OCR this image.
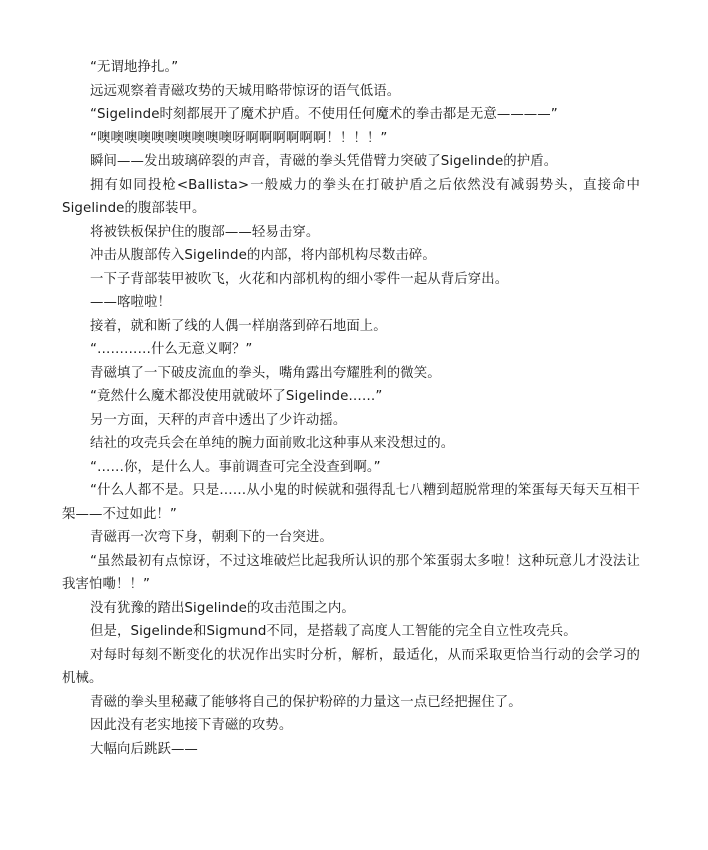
“无谓地挣扎。”

远远观察着青磁攻势的天城用略带惊讶的语气低语。

“Sigelinde时刻都展开了魔术护盾。不使用任何魔术的拳击都是无意————”

“噢噢噢噢噢噢噢噢噢噢呀啊啊啊啊啊啊！！！！”

瞬间——发出玻璃碎裂的声音，青磁的拳头凭借臂力突破了Sigelinde的护盾。

拥有如同投枪<Ballista>一般威力的拳头在打破护盾之后依然没有减弱势头，直接命中Sigelinde的腹部装甲。

将被铁板保护住的腹部——轻易击穿。

冲击从腹部传入Sigelinde的内部，将内部机构尽数击碎。

一下子背部装甲被吹飞，火花和内部机构的细小零件一起从背后穿出。

——喀啦啦！

接着，就和断了线的人偶一样崩落到碎石地面上。

“…………什么无意义啊？”

青磁填了一下破皮流血的拳头，嘴角露出夸耀胜利的微笑。

“竟然什么魔术都没使用就破坏了Sigelinde……”

另一方面，天秤的声音中透出了少许动摇。

结社的攻壳兵会在单纯的腕力面前败北这种事从来没想过的。

“……你，是什么人。事前调查可完全没查到啊。”

“什么人都不是。只是……从小鬼的时候就和强得乱七八糟到超脱常理的笨蛋每天每天互相干架——不过如此！”

青磁再一次弯下身，朝剩下的一台突进。

“虽然最初有点惊讶，不过这堆破烂比起我所认识的那个笨蛋弱太多啦！这种玩意儿才没法让我害怕嘞！！”

没有犹豫的踏出Sigelinde的攻击范围之内。

但是，Sigelinde和Sigmund不同，是搭载了高度人工智能的完全自立性攻壳兵。

对每时每刻不断变化的状况作出实时分析，解析，最适化，从而采取更恰当行动的会学习的机械。

青磁的拳头里秘藏了能够将自己的保护粉碎的力量这一点已经把握住了。

因此没有老实地接下青磁的攻势。

大幅向后跳跃——
